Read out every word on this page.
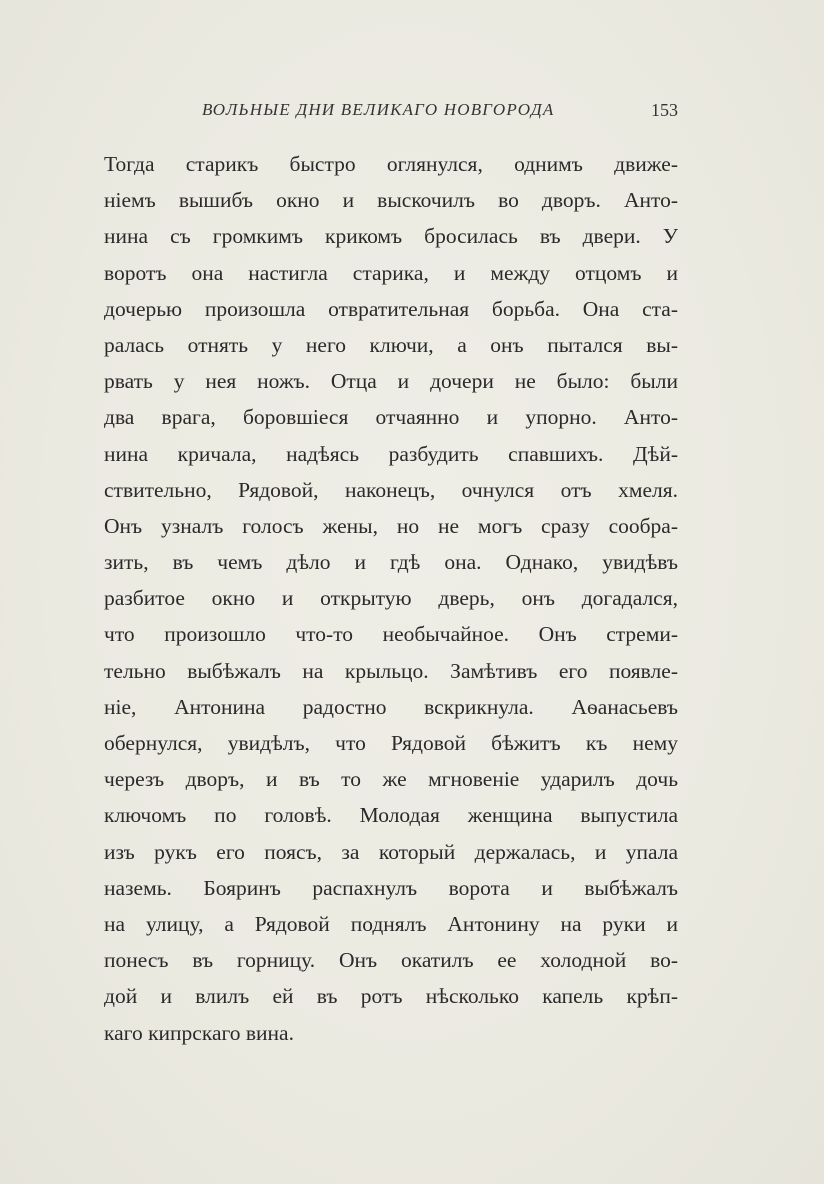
ВОЛЬНЫЕ ДНИ ВЕЛИКАГО НОВГОРОДА	153
Тогда старикъ быстро оглянулся, однимъ движе-
ніемъ вышибъ окно и выскочилъ во дворъ. Анто-
нина съ громкимъ крикомъ бросилась въ двери. У
воротъ она настигла старика, и между отцомъ и
дочерью произошла отвратительная борьба. Она ста-
ралась отнять у него ключи, а онъ пытался вы-
рвать у нея ножъ. Отца и дочери не было: были
два врага, боровшіеся отчаянно и упорно. Анто-
нина кричала, надѣясь разбудить спавшихъ. Дѣй-
ствительно, Рядовой, наконецъ, очнулся отъ хмеля.
Онъ узналъ голосъ жены, но не могъ сразу сообра-
зить, въ чемъ дѣло и гдѣ она. Однако, увидѣвъ
разбитое окно и открытую дверь, онъ догадался,
что произошло что-то необычайное. Онъ стреми-
тельно выбѣжалъ на крыльцо. Замѣтивъ его появле-
ніе, Антонина радостно вскрикнула. Аѳанасьевъ
обернулся, увидѣлъ, что Рядовой бѣжитъ къ нему
черезъ дворъ, и въ то же мгновеніе ударилъ дочь
ключомъ по головѣ. Молодая женщина выпустила
изъ рукъ его поясъ, за который держалась, и упала
наземь. Бояринъ распахнулъ ворота и выбѣжалъ
на улицу, а Рядовой поднялъ Антонину на руки и
понесъ въ горницу. Онъ окатилъ ее холодной во-
дой и влилъ ей въ ротъ нѣсколько капель крѣп-
каго кипрскаго вина.
